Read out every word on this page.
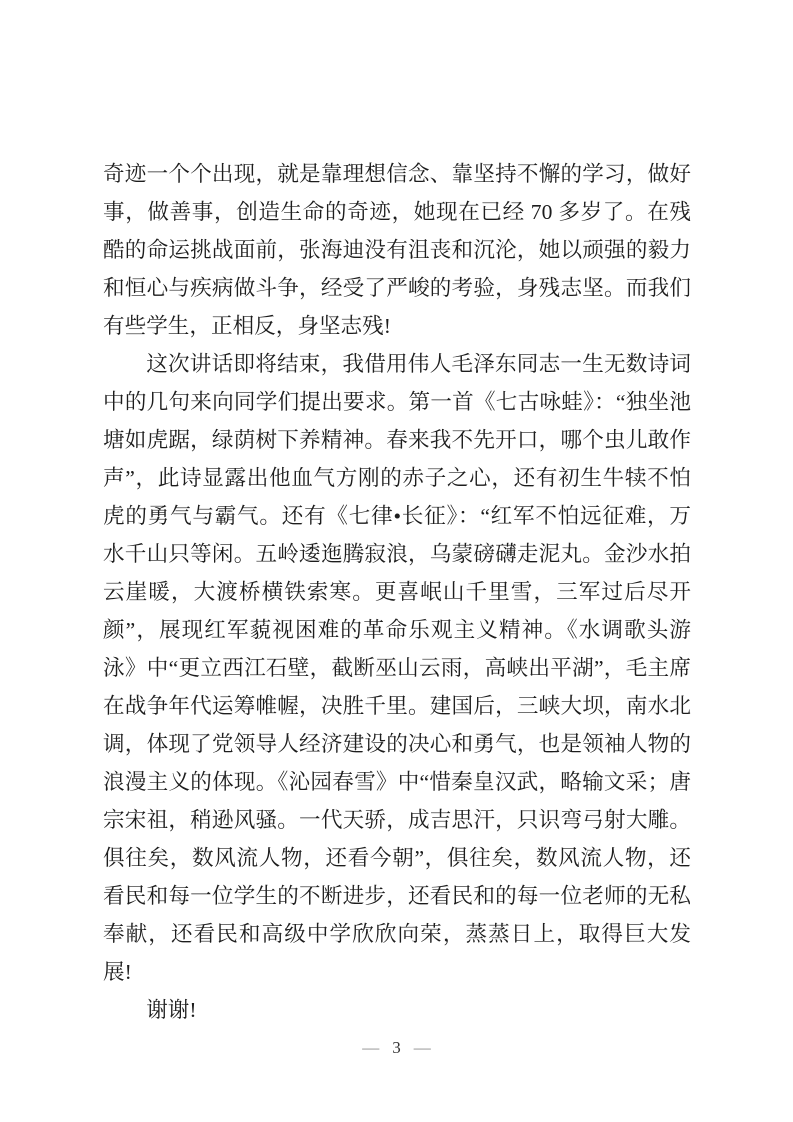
奇迹一个个出现，就是靠理想信念、靠坚持不懈的学习，做好事，做善事，创造生命的奇迹，她现在已经 70 多岁了。在残酷的命运挑战面前，张海迪没有沮丧和沉沦，她以顽强的毅力和恒心与疾病做斗争，经受了严峻的考验，身残志坚。而我们有些学生，正相反，身坚志残!

这次讲话即将结束，我借用伟人毛泽东同志一生无数诗词中的几句来向同学们提出要求。第一首《七古咏蛙》：“独坐池塘如虎踞，绿荫树下养精神。春来我不先开口，哪个虫儿敢作声”，此诗显露出他血气方刚的赤子之心，还有初生牛犊不怕虎的勇气与霸气。还有《七律•长征》：“红军不怕远征难，万水千山只等闲。五岭逶迤腾寂浪，乌蒙磅礴走泥丸。金沙水拍云崖暖，大渡桥横铁索寒。更喜岷山千里雪，三军过后尽开颜”，展现红军藐视困难的革命乐观主义精神。《水调歌头游泳》中“更立西江石壁，截断巫山云雨，高峡出平湖”，毛主席在战争年代运筹帷幄，决胜千里。建国后，三峡大坝，南水北调，体现了党领导人经济建设的决心和勇气，也是领袖人物的浪漫主义的体现。《沁园春雪》中“惜秦皇汉武，略输文采；唐宗宋祖，稍逊风骚。一代天骄，成吉思汗，只识弯弓射大雕。俱往矣，数风流人物，还看今朝”，俱往矣，数风流人物，还看民和每一位学生的不断进步，还看民和的每一位老师的无私奉献，还看民和高级中学欣欣向荣，蒸蒸日上，取得巨大发展!

谢谢!

— 3 —
